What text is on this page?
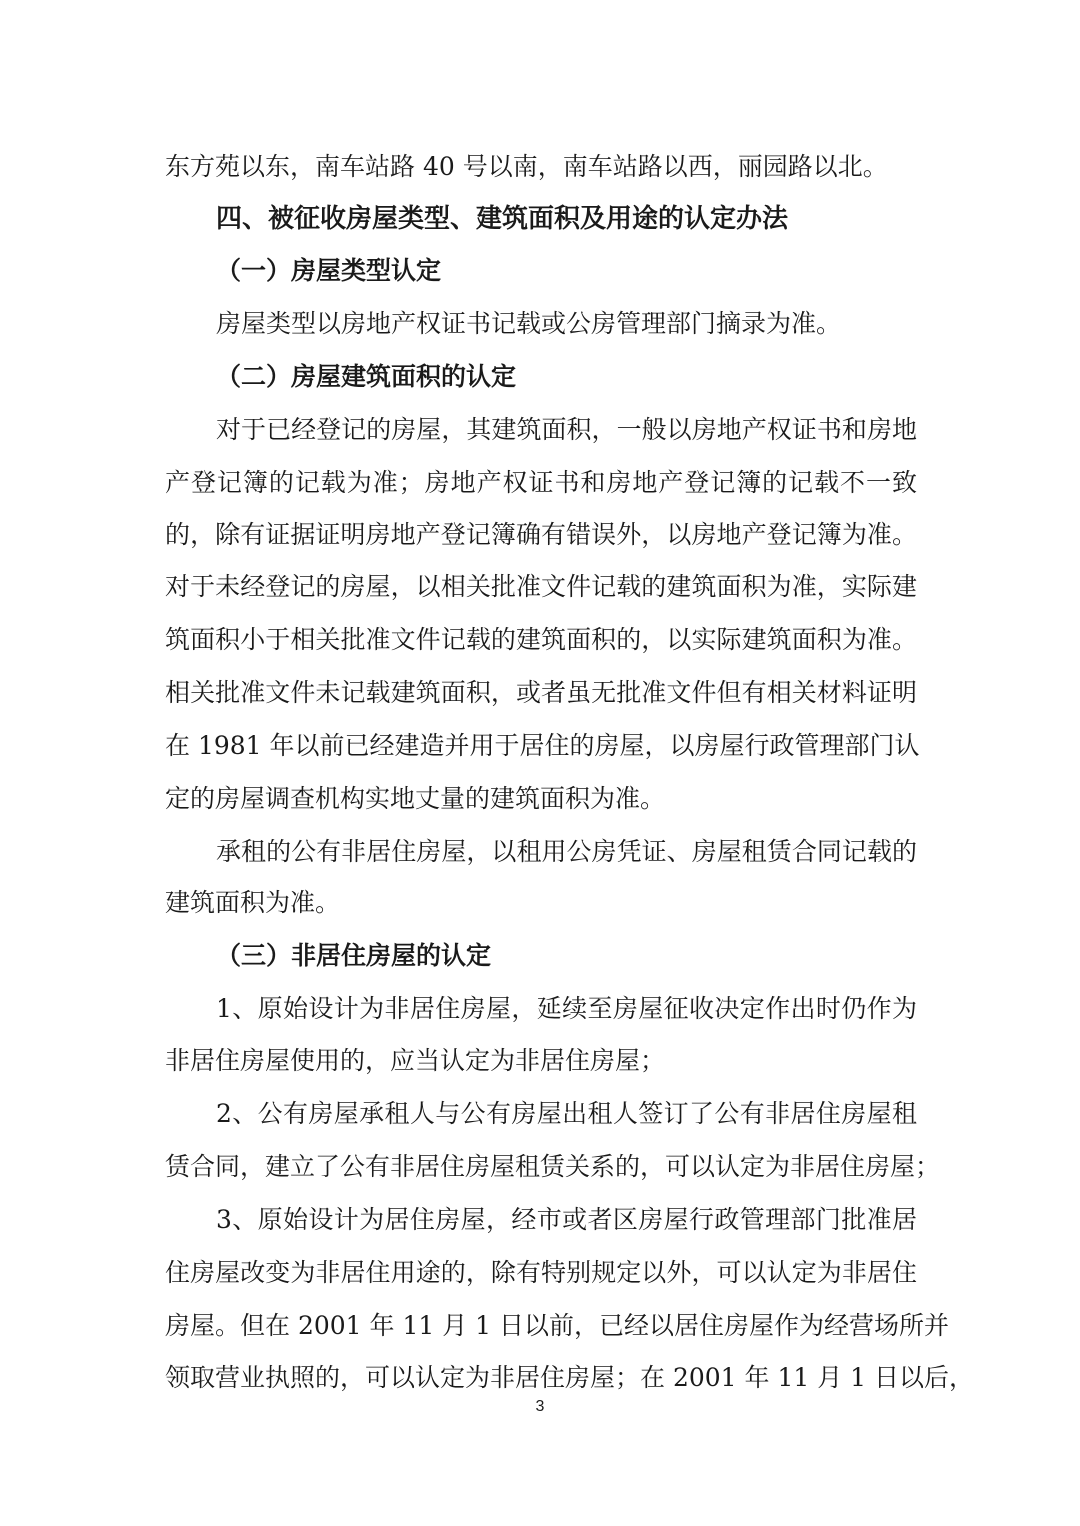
东方苑以东，南车站路 40 号以南，南车站路以西，丽园路以北。
四、被征收房屋类型、建筑面积及用途的认定办法
（一）房屋类型认定
房屋类型以房地产权证书记载或公房管理部门摘录为准。
（二）房屋建筑面积的认定
对于已经登记的房屋，其建筑面积，一般以房地产权证书和房地
产登记簿的记载为准；房地产权证书和房地产登记簿的记载不一致
的，除有证据证明房地产登记簿确有错误外，以房地产登记簿为准。
对于未经登记的房屋，以相关批准文件记载的建筑面积为准，实际建
筑面积小于相关批准文件记载的建筑面积的，以实际建筑面积为准。
相关批准文件未记载建筑面积，或者虽无批准文件但有相关材料证明
在 1981 年以前已经建造并用于居住的房屋，以房屋行政管理部门认
定的房屋调查机构实地丈量的建筑面积为准。
承租的公有非居住房屋，以租用公房凭证、房屋租赁合同记载的
建筑面积为准。
（三）非居住房屋的认定
1、原始设计为非居住房屋，延续至房屋征收决定作出时仍作为
非居住房屋使用的，应当认定为非居住房屋；
2、公有房屋承租人与公有房屋出租人签订了公有非居住房屋租
赁合同，建立了公有非居住房屋租赁关系的，可以认定为非居住房屋；
3、原始设计为居住房屋，经市或者区房屋行政管理部门批准居
住房屋改变为非居住用途的，除有特别规定以外，可以认定为非居住
房屋。但在 2001 年 11 月 1 日以前，已经以居住房屋作为经营场所并
领取营业执照的，可以认定为非居住房屋；在 2001 年 11 月 1 日以后，
3
